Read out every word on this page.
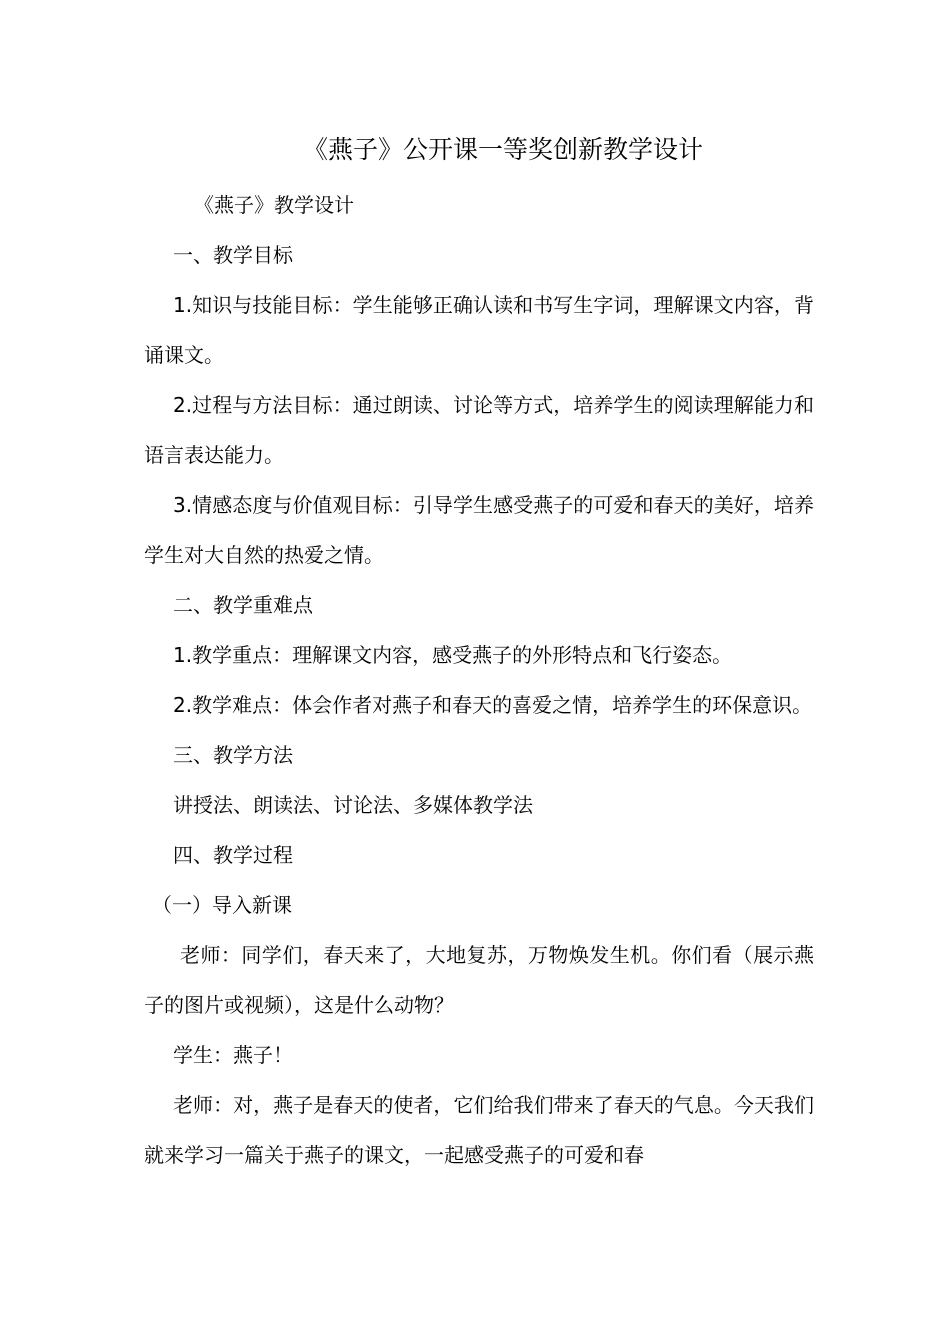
《燕子》公开课一等奖创新教学设计

《燕子》教学设计

一、教学目标

1.知识与技能目标：学生能够正确认读和书写生字词，理解课文内容，背诵课文。

2.过程与方法目标：通过朗读、讨论等方式，培养学生的阅读理解能力和语言表达能力。

3.情感态度与价值观目标：引导学生感受燕子的可爱和春天的美好，培养学生对大自然的热爱之情。

二、教学重难点

1.教学重点：理解课文内容，感受燕子的外形特点和飞行姿态。

2.教学难点：体会作者对燕子和春天的喜爱之情，培养学生的环保意识。

三、教学方法

讲授法、朗读法、讨论法、多媒体教学法

四、教学过程

（一）导入新课

老师：同学们，春天来了，大地复苏，万物焕发生机。你们看（展示燕子的图片或视频），这是什么动物？

学生：燕子！

老师：对，燕子是春天的使者，它们给我们带来了春天的气息。今天我们就来学习一篇关于燕子的课文，一起感受燕子的可爱和春
